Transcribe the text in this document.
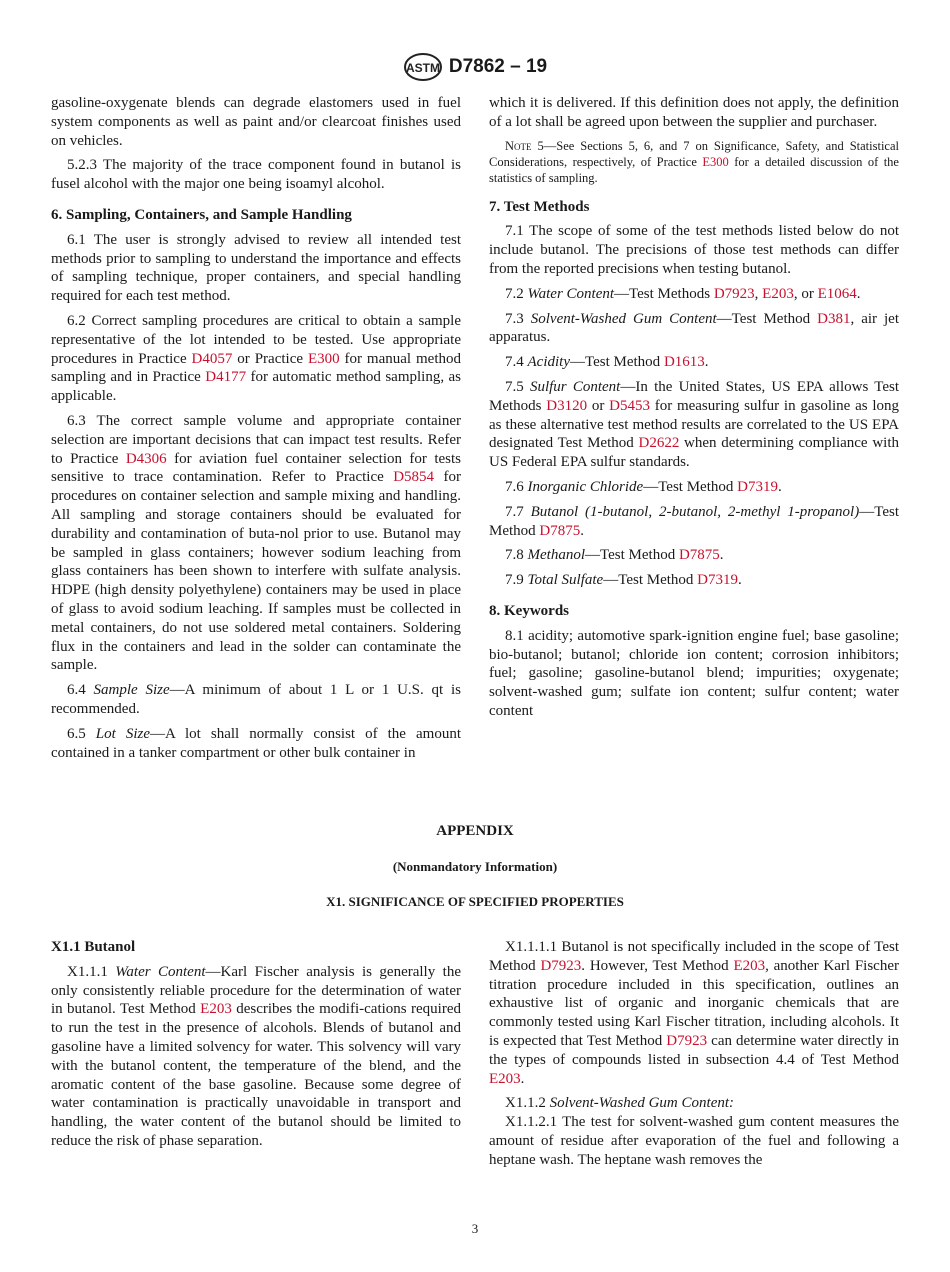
ASTM D7862 – 19

gasoline-oxygenate blends can degrade elastomers used in fuel system components as well as paint and/or clearcoat finishes used on vehicles.

5.2.3 The majority of the trace component found in butanol is fusel alcohol with the major one being isoamyl alcohol.

6. Sampling, Containers, and Sample Handling

6.1 The user is strongly advised to review all intended test methods prior to sampling to understand the importance and effects of sampling technique, proper containers, and special handling required for each test method.

6.2 Correct sampling procedures are critical to obtain a sample representative of the lot intended to be tested. Use appropriate procedures in Practice D4057 or Practice E300 for manual method sampling and in Practice D4177 for automatic method sampling, as applicable.

6.3 The correct sample volume and appropriate container selection are important decisions that can impact test results. Refer to Practice D4306 for aviation fuel container selection for tests sensitive to trace contamination. Refer to Practice D5854 for procedures on container selection and sample mixing and handling. All sampling and storage containers should be evaluated for durability and contamination of buta-nol prior to use. Butanol may be sampled in glass containers; however sodium leaching from glass containers has been shown to interfere with sulfate analysis. HDPE (high density polyethylene) containers may be used in place of glass to avoid sodium leaching. If samples must be collected in metal containers, do not use soldered metal containers. Soldering flux in the containers and lead in the solder can contaminate the sample.

6.4 Sample Size—A minimum of about 1 L or 1 U.S. qt is recommended.

6.5 Lot Size—A lot shall normally consist of the amount contained in a tanker compartment or other bulk container in

which it is delivered. If this definition does not apply, the definition of a lot shall be agreed upon between the supplier and purchaser.

Note 5—See Sections 5, 6, and 7 on Significance, Safety, and Statistical Considerations, respectively, of Practice E300 for a detailed discussion of the statistics of sampling.

7. Test Methods

7.1 The scope of some of the test methods listed below do not include butanol. The precisions of those test methods can differ from the reported precisions when testing butanol.

7.2 Water Content—Test Methods D7923, E203, or E1064.

7.3 Solvent-Washed Gum Content—Test Method D381, air jet apparatus.

7.4 Acidity—Test Method D1613.

7.5 Sulfur Content—In the United States, US EPA allows Test Methods D3120 or D5453 for measuring sulfur in gasoline as long as these alternative test method results are correlated to the US EPA designated Test Method D2622 when determining compliance with US Federal EPA sulfur standards.

7.6 Inorganic Chloride—Test Method D7319.

7.7 Butanol (1-butanol, 2-butanol, 2-methyl 1-propanol)—Test Method D7875.

7.8 Methanol—Test Method D7875.

7.9 Total Sulfate—Test Method D7319.

8. Keywords

8.1 acidity; automotive spark-ignition engine fuel; base gasoline; bio-butanol; butanol; chloride ion content; corrosion inhibitors; fuel; gasoline; gasoline-butanol blend; impurities; oxygenate; solvent-washed gum; sulfate ion content; sulfur content; water content

APPENDIX
(Nonmandatory Information)
X1. SIGNIFICANCE OF SPECIFIED PROPERTIES
X1.1 Butanol

X1.1.1 Water Content—Karl Fischer analysis is generally the only consistently reliable procedure for the determination of water in butanol. Test Method E203 describes the modifi-cations required to run the test in the presence of alcohols. Blends of butanol and gasoline have a limited solvency for water. This solvency will vary with the butanol content, the temperature of the blend, and the aromatic content of the base gasoline. Because some degree of water contamination is practically unavoidable in transport and handling, the water content of the butanol should be limited to reduce the risk of phase separation.

X1.1.1.1 Butanol is not specifically included in the scope of Test Method D7923. However, Test Method E203, another Karl Fischer titration procedure included in this specification, outlines an exhaustive list of organic and inorganic chemicals that are commonly tested using Karl Fischer titration, including alcohols. It is expected that Test Method D7923 can determine water directly in the types of compounds listed in subsection 4.4 of Test Method E203.

X1.1.2 Solvent-Washed Gum Content:

X1.1.2.1 The test for solvent-washed gum content measures the amount of residue after evaporation of the fuel and following a heptane wash. The heptane wash removes the

3
